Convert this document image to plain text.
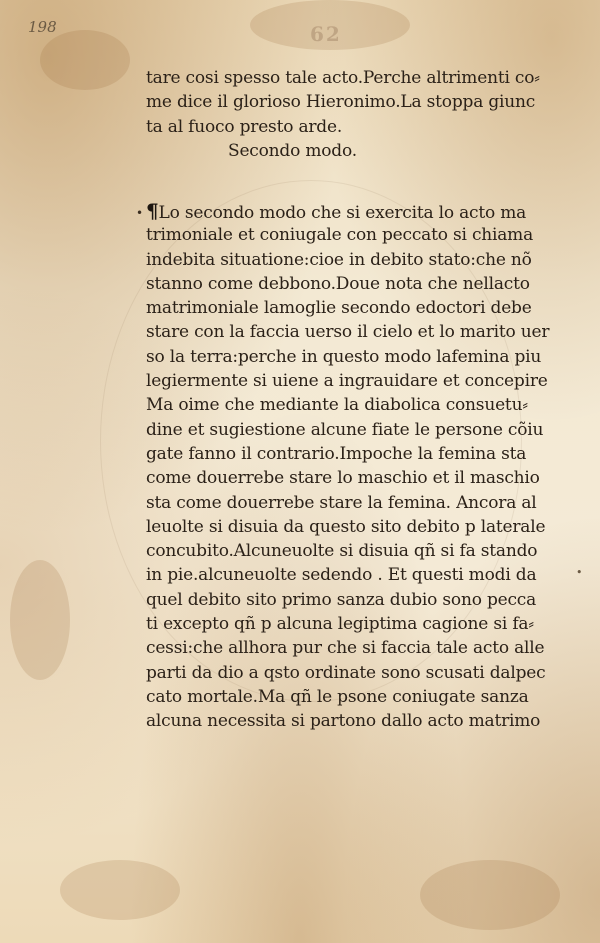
198	62
tare cosi spesso tale acto.Perche altrimenti co⸗
me dice il glorioso Hieronimo.La stoppa giunc
ta al fuoco presto arde.
Secondo modo.
•
•
¶Lo secondo modo che si exercita lo acto ma
trimoniale et coniugale con peccato si chiama
indebita situatione:cioe in debito stato:che nõ
stanno come debbono.Doue nota che nellacto
matrimoniale lamoglie secondo edoctori debe
stare con la faccia uerso il cielo et lo marito uer
so la terra:perche in questo modo lafemina piu
legiermente si uiene a ingrauidare et concepire
Ma oime che mediante la diabolica consuetu⸗
dine et sugiestione alcune fiate le persone cõiu
gate fanno il contrario.Impoche la femina sta
come douerrebe stare lo maschio et il maschio
sta come douerrebe stare la femina. Ancora al
leuolte si disuia da questo sito debito p laterale
concubito.Alcuneuolte si disuia qñ si fa stando
in pie.alcuneuolte sedendo . Et questi modi da
quel debito sito primo sanza dubio sono pecca
ti excepto qñ p alcuna legiptima cagione si fa⸗
cessi:che allhora pur che si faccia tale acto alle
parti da dio a qsto ordinate sono scusati dalpec
cato mortale.Ma qñ le psone coniugate sanza
alcuna necessita si partono dallo acto matrimo
